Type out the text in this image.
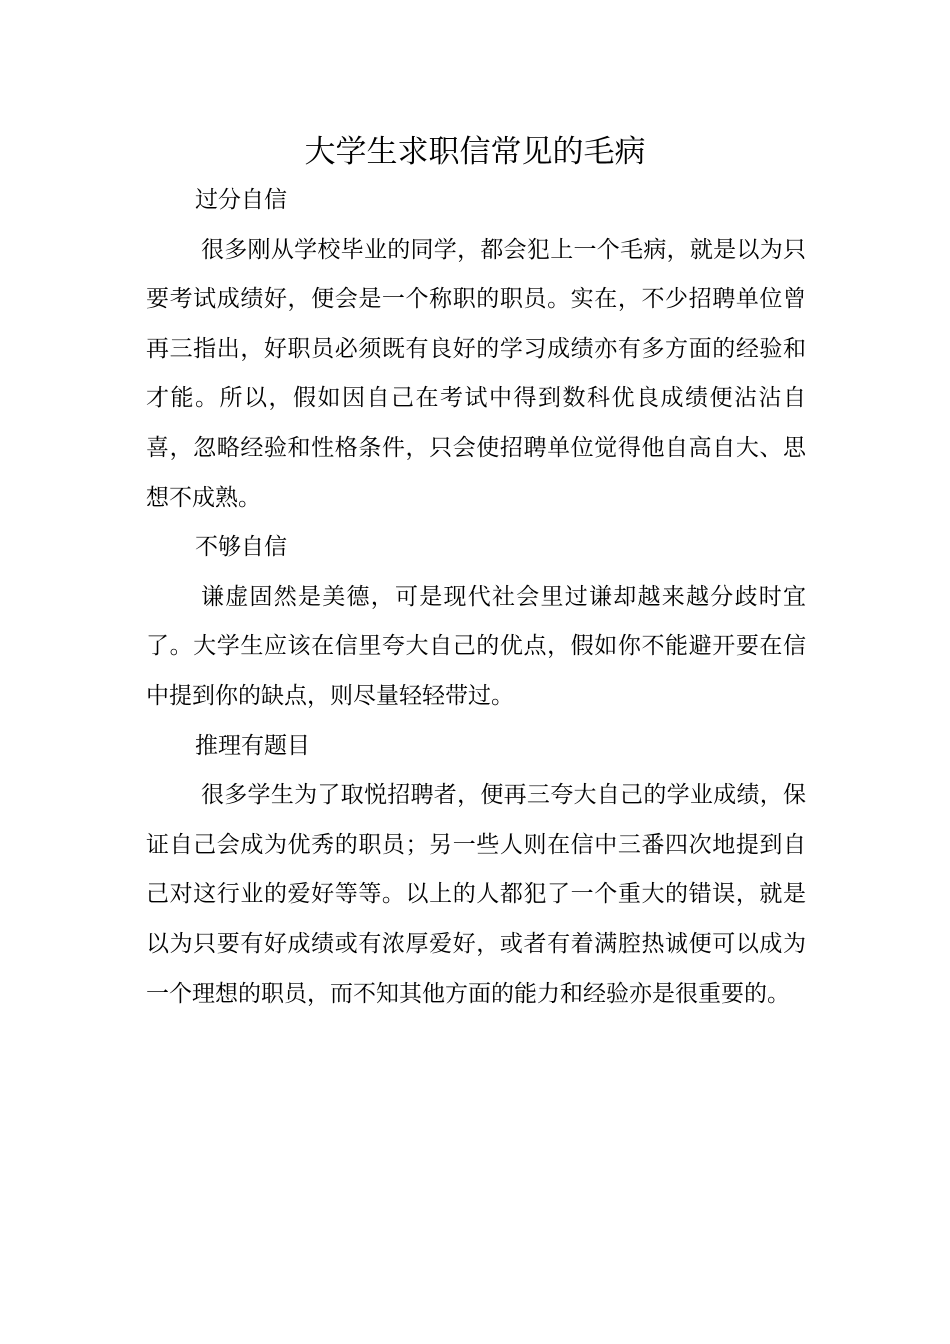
大学生求职信常见的毛病

过分自信

很多刚从学校毕业的同学，都会犯上一个毛病，就是以为只要考试成绩好，便会是一个称职的职员。实在，不少招聘单位曾再三指出，好职员必须既有良好的学习成绩亦有多方面的经验和才能。所以，假如因自己在考试中得到数科优良成绩便沾沾自喜，忽略经验和性格条件，只会使招聘单位觉得他自高自大、思想不成熟。

不够自信

谦虚固然是美德，可是现代社会里过谦却越来越分歧时宜了。大学生应该在信里夸大自己的优点，假如你不能避开要在信中提到你的缺点，则尽量轻轻带过。

推理有题目

很多学生为了取悦招聘者，便再三夸大自己的学业成绩，保证自己会成为优秀的职员；另一些人则在信中三番四次地提到自己对这行业的爱好等等。以上的人都犯了一个重大的错误，就是以为只要有好成绩或有浓厚爱好，或者有着满腔热诚便可以成为一个理想的职员，而不知其他方面的能力和经验亦是很重要的。
